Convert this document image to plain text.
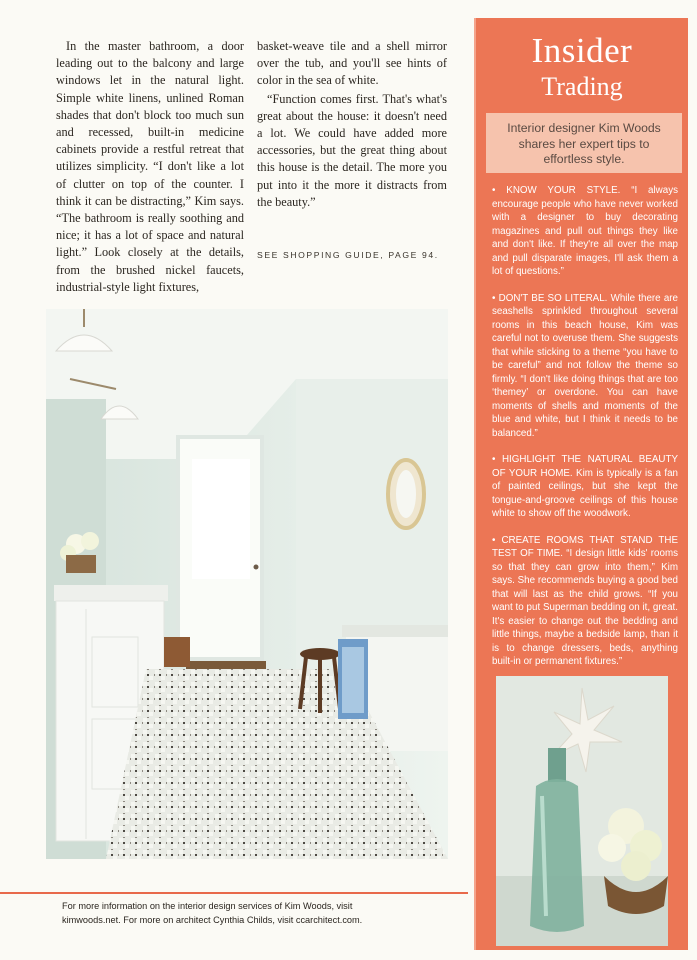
In the master bathroom, a door leading out to the balcony and large windows let in the natural light. Simple white linens, unlined Roman shades that don't block too much sun and recessed, built-in medicine cabinets provide a restful retreat that utilizes simplicity. “I don't like a lot of clutter on top of the counter. I think it can be distracting,” Kim says. “The bathroom is really soothing and nice; it has a lot of space and natural light.” Look closely at the details, from the brushed nickel faucets, industrial-style light fixtures,

basket-weave tile and a shell mirror over the tub, and you'll see hints of color in the sea of white.

“Function comes first. That's what's great about the house: it doesn't need a lot. We could have added more accessories, but the great thing about this house is the detail. The more you put into it the more it distracts from the beauty.”

SEE SHOPPING GUIDE, PAGE 94.
For more information on the interior design services of Kim Woods, visit
kimwoods.net. For more on architect Cynthia Childs, visit ccarchitect.com.
Insider
Trading
Interior designer Kim Woods shares her expert tips to effortless style.

• KNOW YOUR STYLE. “I always encourage people who have never worked with a designer to buy decorating magazines and pull out things they like and don't like. If they're all over the map and pull disparate images, I'll ask them a lot of questions.”

• DON'T BE SO LITERAL. While there are seashells sprinkled throughout several rooms in this beach house, Kim was careful not to overuse them. She suggests that while sticking to a theme “you have to be careful” and not follow the theme so firmly. “I don't like doing things that are too ‘themey’ or overdone. You can have moments of shells and moments of the blue and white, but I think it needs to be balanced.”

• HIGHLIGHT THE NATURAL BEAUTY OF YOUR HOME. Kim is typically is a fan of painted ceilings, but she kept the tongue-and-groove ceilings of this house white to show off the woodwork.

• CREATE ROOMS THAT STAND THE TEST OF TIME. “I design little kids' rooms so that they can grow into them,” Kim says. She recommends buying a good bed that will last as the child grows. “If you want to put Superman bedding on it, great. It's easier to change out the bedding and little things, maybe a bedside lamp, than it is to change dressers, beds, anything built-in or permanent fixtures.”
